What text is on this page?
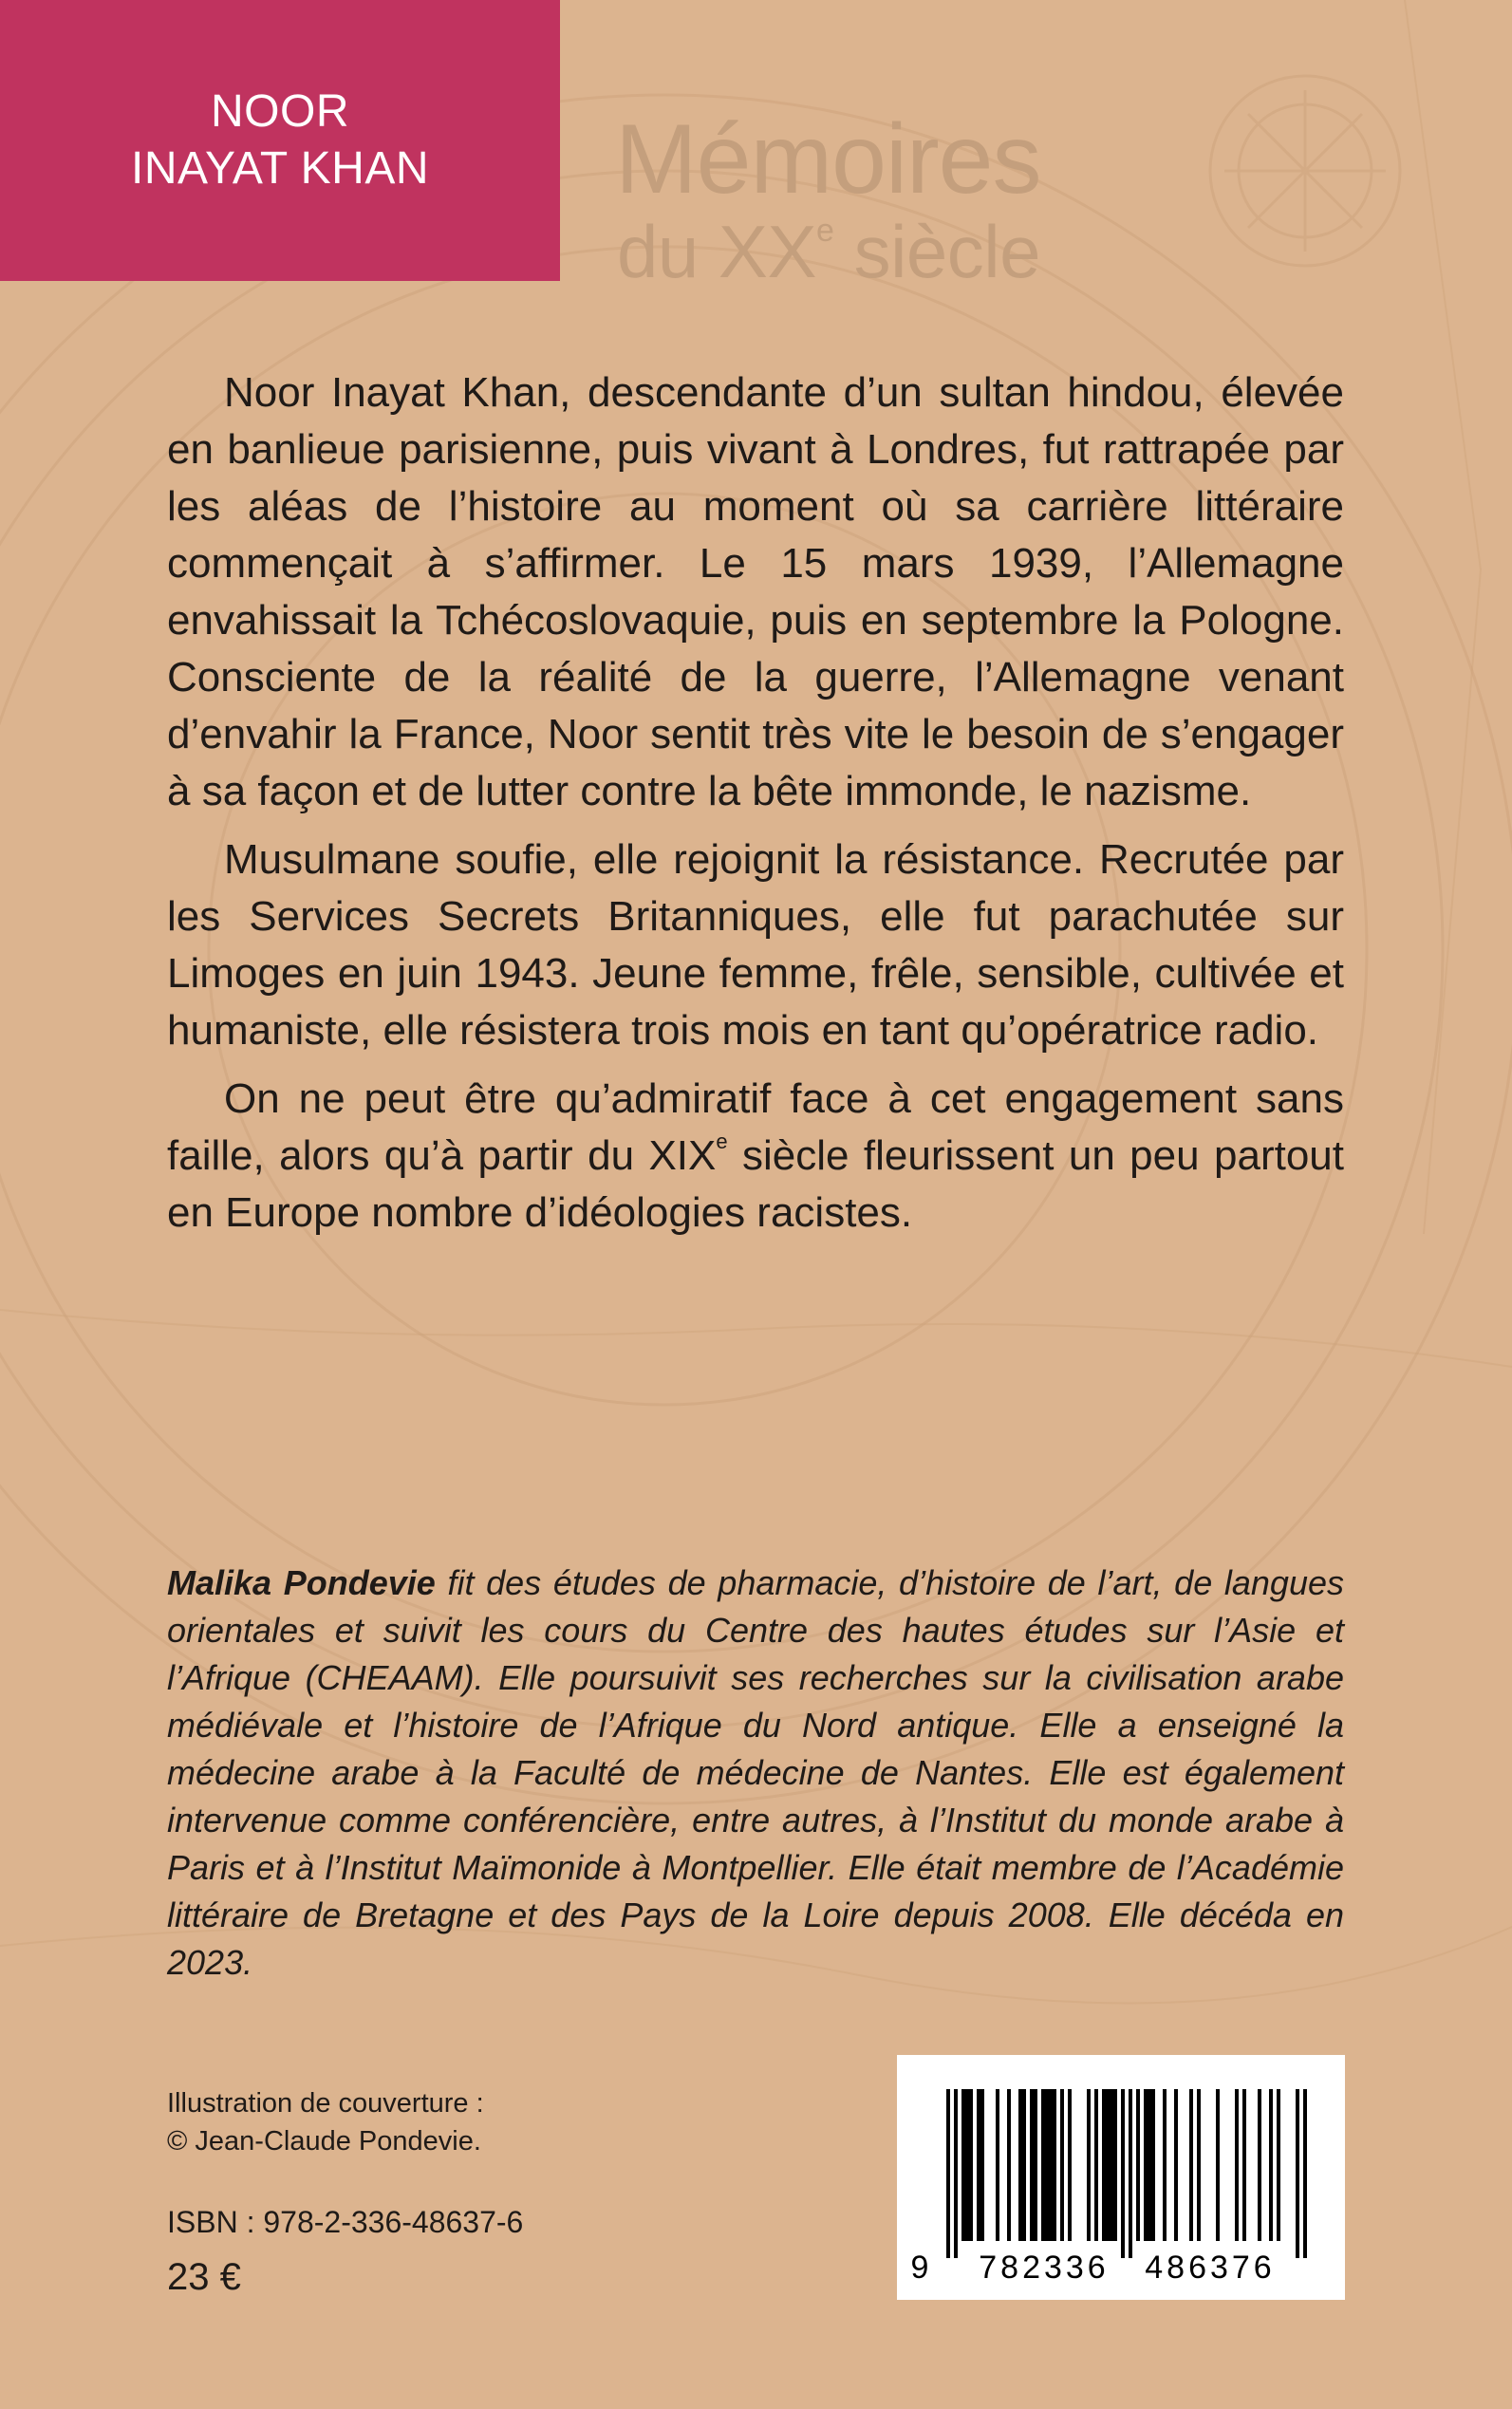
NOOR
INAYAT KHAN Mémoires
du XXe siècle

Noor Inayat Khan, descendante d’un sultan hindou, élevée en banlieue parisienne, puis vivant à Londres, fut rattrapée par les aléas de l’histoire au moment où sa carrière littéraire commençait à s’affirmer. Le 15 mars 1939, l’Allemagne envahissait la Tchécoslovaquie, puis en septembre la Pologne. Consciente de la réalité de la guerre, l’Allemagne venant d’envahir la France, Noor sentit très vite le besoin de s’engager à sa façon et de lutter contre la bête immonde, le nazisme.

Musulmane soufie, elle rejoignit la résistance. Recrutée par les Services Secrets Britanniques, elle fut parachutée sur Limoges en juin 1943. Jeune femme, frêle, sensible, cultivée et humaniste, elle résistera trois mois en tant qu’opératrice radio.

On ne peut être qu’admiratif face à cet engagement sans faille, alors qu’à partir du XIXe siècle fleurissent un peu partout en Europe nombre d’idéologies racistes.

Malika Pondevie fit des études de pharmacie, d’histoire de l’art, de langues orientales et suivit les cours du Centre des hautes études sur l’Asie et l’Afrique (CHEAAM). Elle poursuivit ses recherches sur la civilisation arabe médiévale et l’histoire de l’Afrique du Nord antique. Elle a enseigné la médecine arabe à la Faculté de médecine de Nantes. Elle est également intervenue comme conférencière, entre autres, à l’Institut du monde arabe à Paris et à l’Institut Maïmonide à Montpellier. Elle était membre de l’Académie littéraire de Bretagne et des Pays de la Loire depuis 2008. Elle décéda en 2023.
Illustration de couverture :
© Jean-Claude Pondevie.
ISBN : 978-2-336-48637-6
23 €	9 782336 486376
